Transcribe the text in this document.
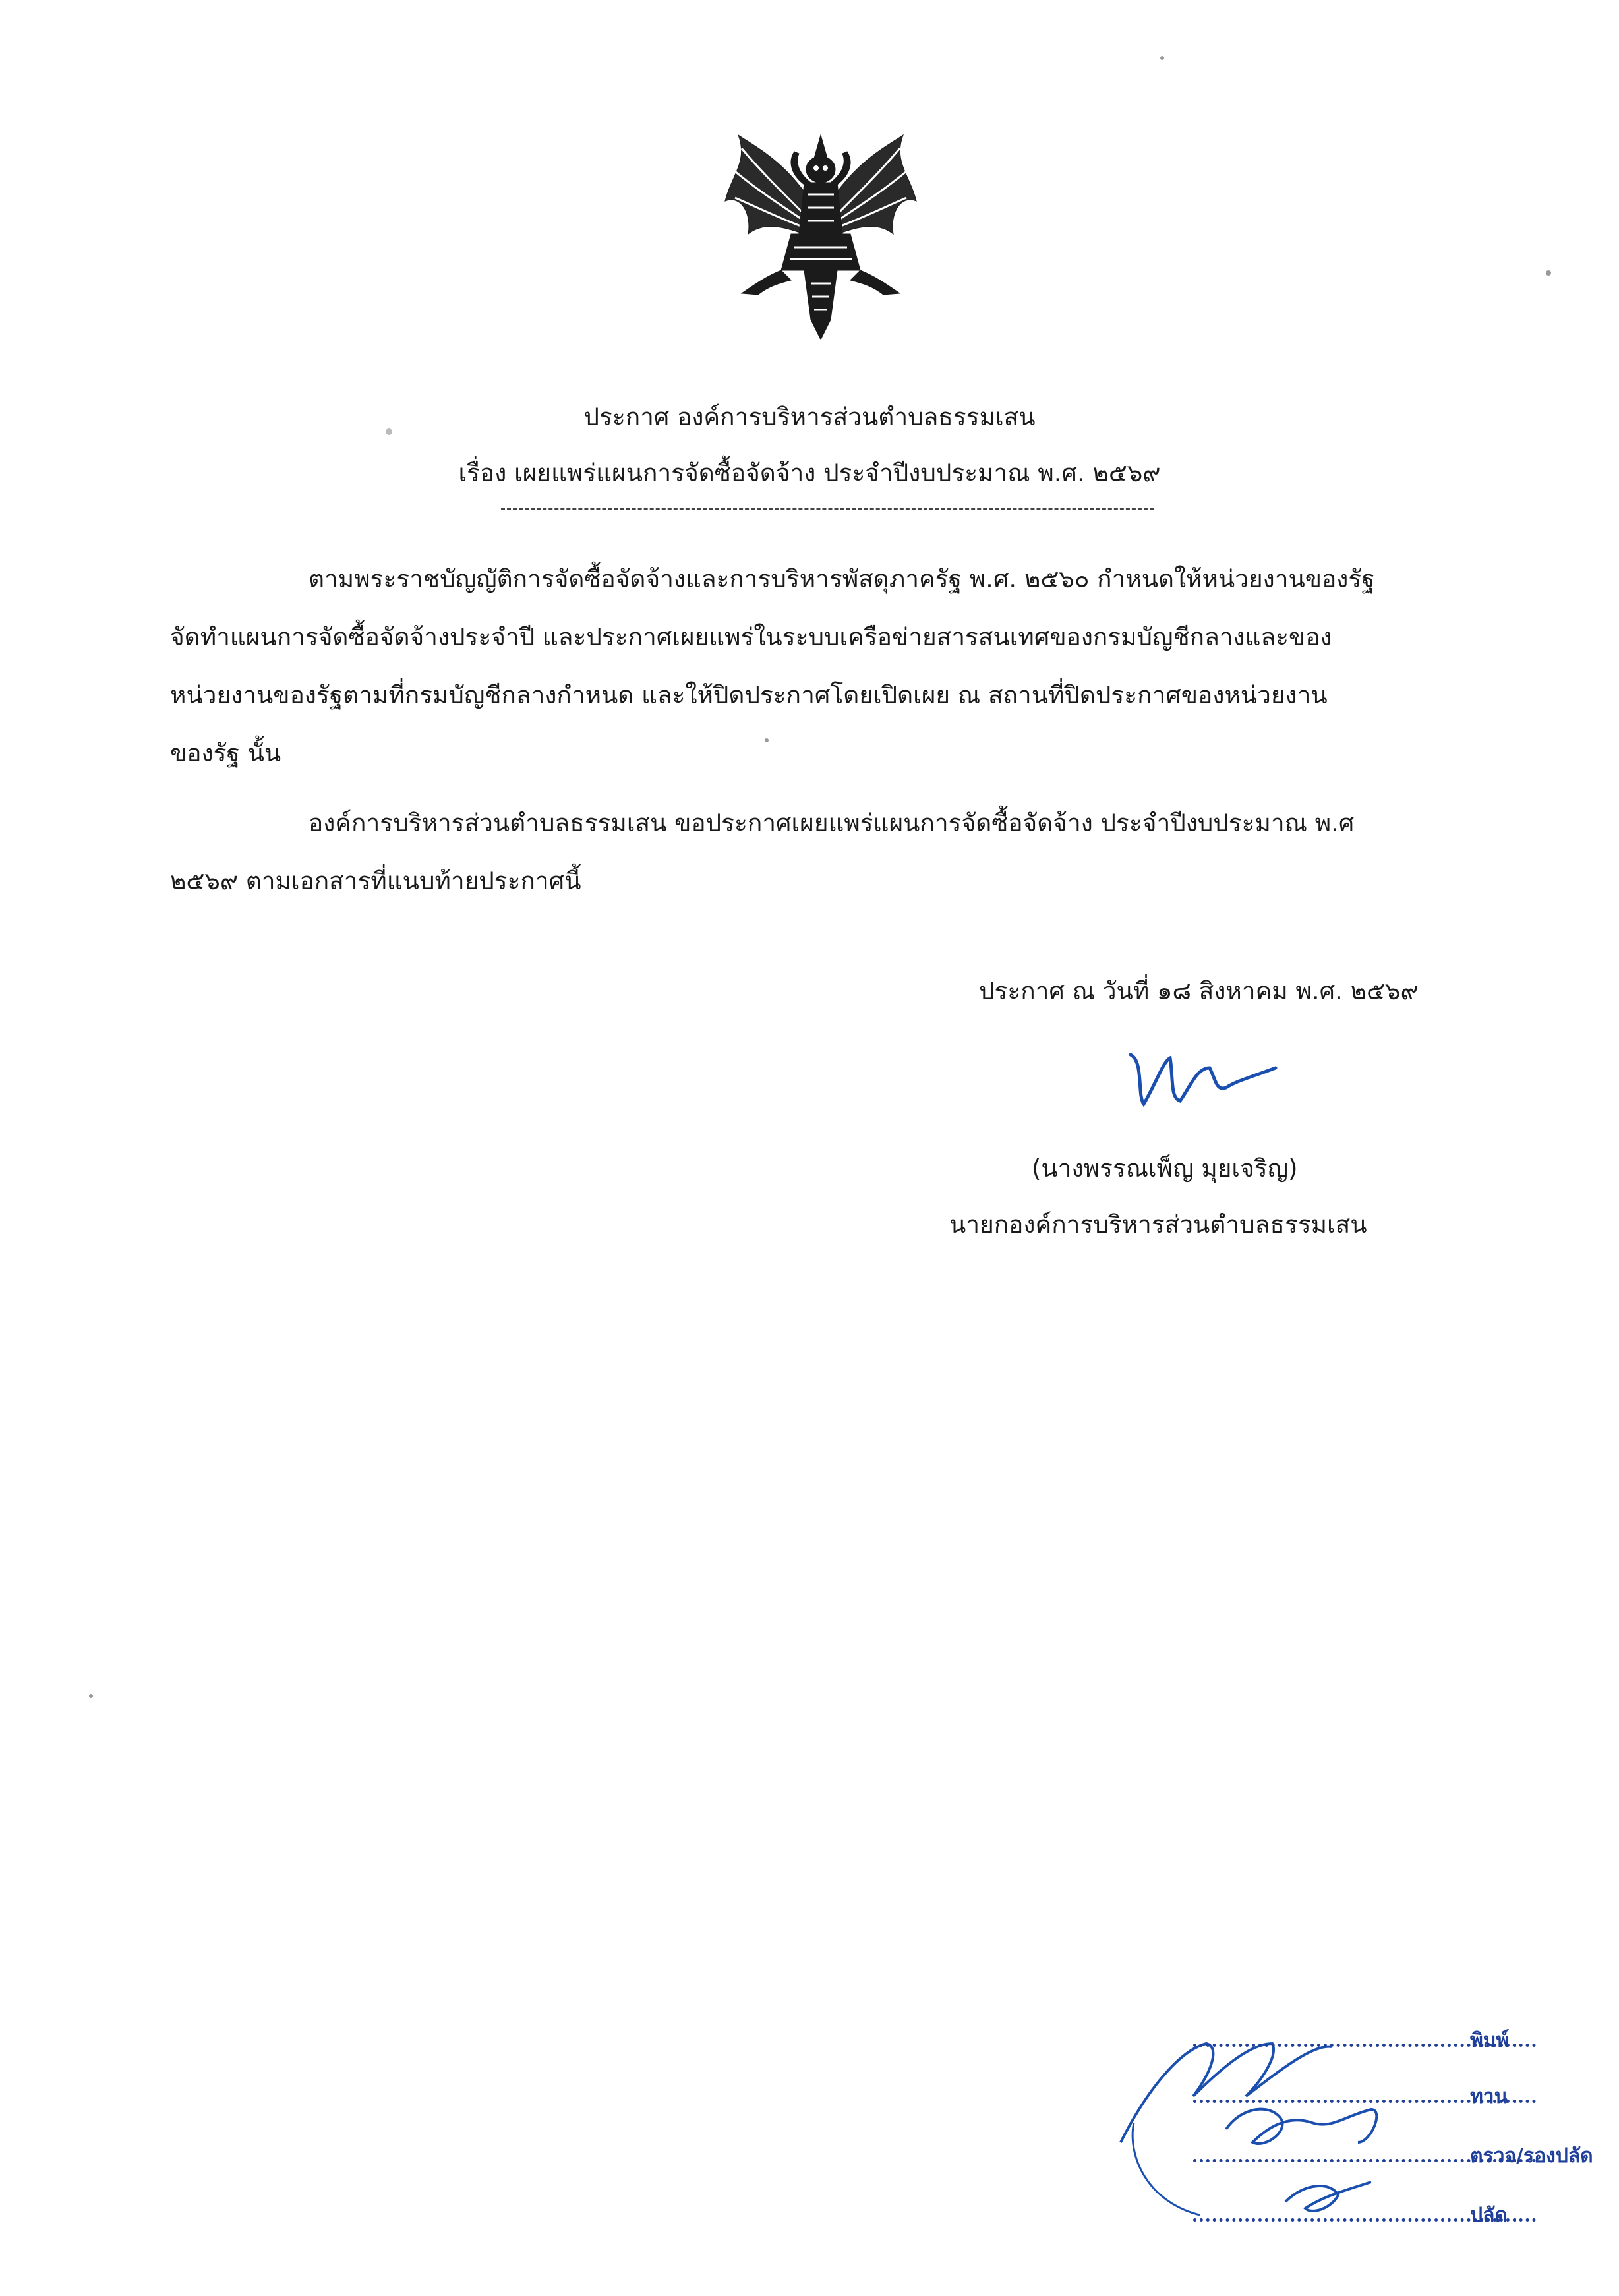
ประกาศ องค์การบริหารส่วนตำบลธรรมเสน
เรื่อง เผยแพร่แผนการจัดซื้อจัดจ้าง ประจำปีงบประมาณ พ.ศ. ๒๕๖๙
ตามพระราชบัญญัติการจัดซื้อจัดจ้างและการบริหารพัสดุภาครัฐ พ.ศ. ๒๕๖๐ กำหนดให้หน่วยงานของรัฐ
จัดทำแผนการจัดซื้อจัดจ้างประจำปี และประกาศเผยแพร่ในระบบเครือข่ายสารสนเทศของกรมบัญชีกลางและของ
หน่วยงานของรัฐตามที่กรมบัญชีกลางกำหนด และให้ปิดประกาศโดยเปิดเผย ณ สถานที่ปิดประกาศของหน่วยงาน
ของรัฐ นั้น
องค์การบริหารส่วนตำบลธรรมเสน ขอประกาศเผยแพร่แผนการจัดซื้อจัดจ้าง ประจำปีงบประมาณ พ.ศ
๒๕๖๙ ตามเอกสารที่แนบท้ายประกาศนี้
ประกาศ ณ วันที่ ๑๘ สิงหาคม พ.ศ. ๒๕๖๙
(นางพรรณเพ็ญ มุยเจริญ)
นายกองค์การบริหารส่วนตำบลธรรมเสน
พิมพ์
ทาน
ตรวจ/รองปลัด
ปลัด
